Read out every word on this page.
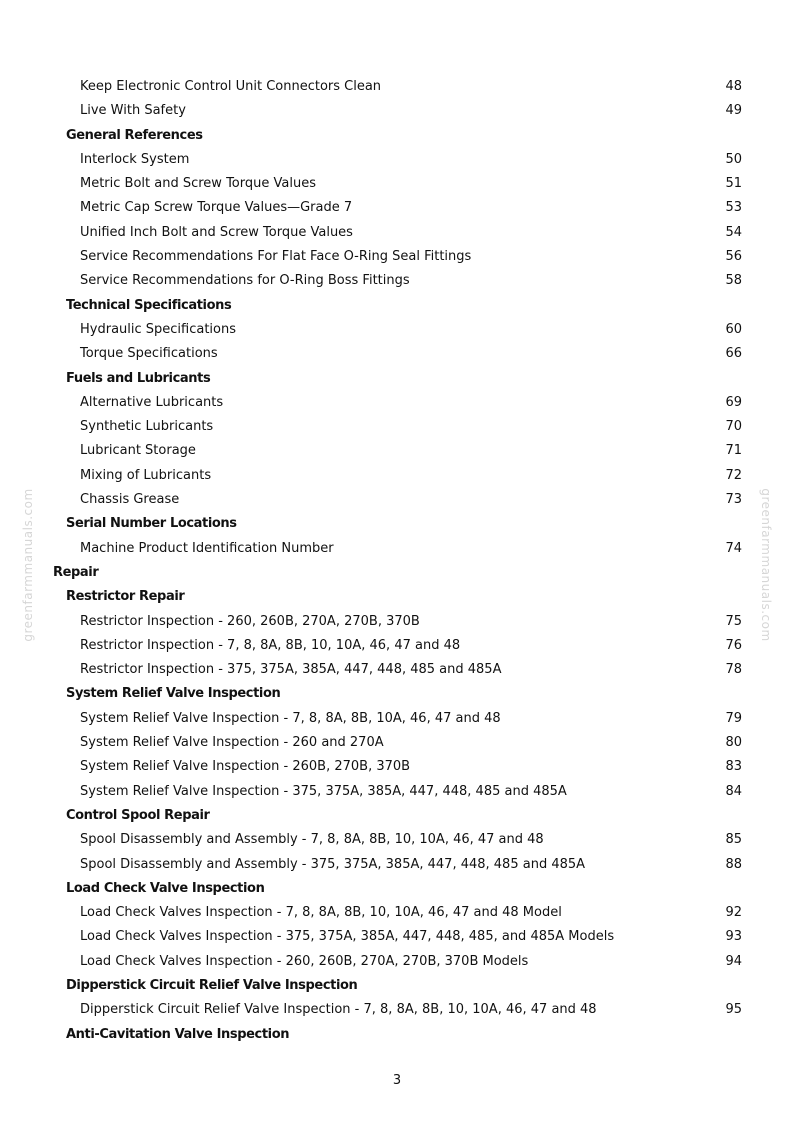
greenfarmmanuals.com	greenfarmmanuals.com
Keep Electronic Control Unit Connectors Clean	48
Live With Safety	49
General References
Interlock System	50
Metric Bolt and Screw Torque Values	51
Metric Cap Screw Torque Values—Grade 7	53
Unified Inch Bolt and Screw Torque Values	54
Service Recommendations For Flat Face O-Ring Seal Fittings	56
Service Recommendations for O-Ring Boss Fittings	58
Technical Specifications
Hydraulic Specifications	60
Torque Specifications	66
Fuels and Lubricants
Alternative Lubricants	69
Synthetic Lubricants	70
Lubricant Storage	71
Mixing of Lubricants	72
Chassis Grease	73
Serial Number Locations
Machine Product Identification Number	74
Repair
Restrictor Repair
Restrictor Inspection - 260, 260B, 270A, 270B, 370B	75
Restrictor Inspection - 7, 8, 8A, 8B, 10, 10A, 46, 47 and 48	76
Restrictor Inspection - 375, 375A, 385A, 447, 448, 485 and 485A	78
System Relief Valve Inspection
System Relief Valve Inspection - 7, 8, 8A, 8B, 10A, 46, 47 and 48	79
System Relief Valve Inspection - 260 and 270A	80
System Relief Valve Inspection - 260B, 270B, 370B	83
System Relief Valve Inspection - 375, 375A, 385A, 447, 448, 485 and 485A	84
Control Spool Repair
Spool Disassembly and Assembly - 7, 8, 8A, 8B, 10, 10A, 46, 47 and 48	85
Spool Disassembly and Assembly - 375, 375A, 385A, 447, 448, 485 and 485A	88
Load Check Valve Inspection
Load Check Valves Inspection - 7, 8, 8A, 8B, 10, 10A, 46, 47 and 48 Model	92
Load Check Valves Inspection - 375, 375A, 385A, 447, 448, 485, and 485A Models	93
Load Check Valves Inspection - 260, 260B, 270A, 270B, 370B Models	94
Dipperstick Circuit Relief Valve Inspection
Dipperstick Circuit Relief Valve Inspection - 7, 8, 8A, 8B, 10, 10A, 46, 47 and 48	95
Anti-Cavitation Valve Inspection
3
